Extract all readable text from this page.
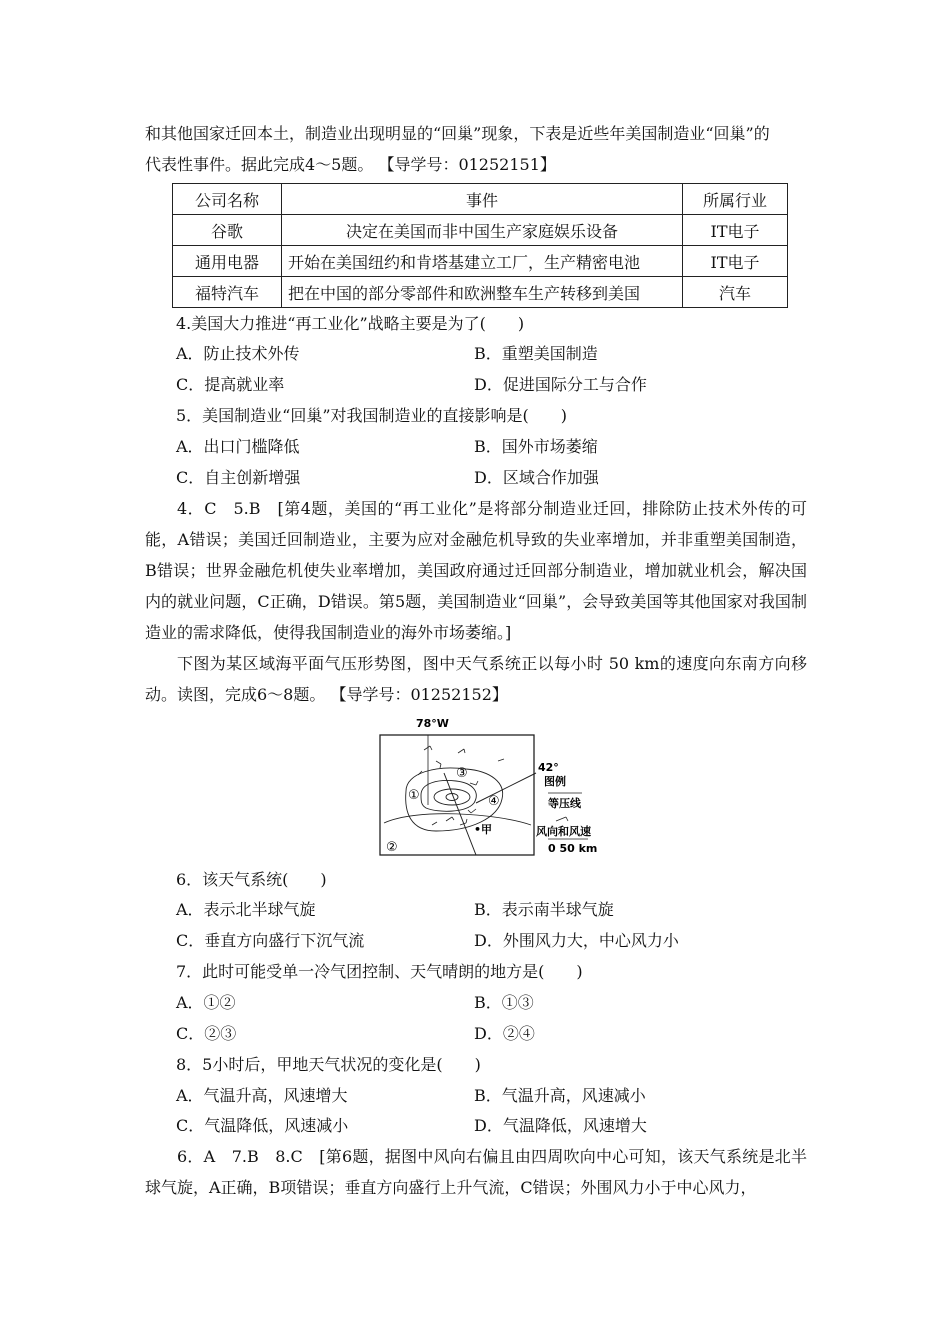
和其他国家迁回本土，制造业出现明显的“回巢”现象，下表是近些年美国制造业“回巢”的
代表性事件。据此完成4～5题。 【导学号：01252151】

公司名称	事件	所属行业
谷歌	决定在美国而非中国生产家庭娱乐设备	IT电子
通用电器	开始在美国纽约和肯塔基建立工厂，生产精密电池	IT电子
福特汽车	把在中国的部分零部件和欧洲整车生产转移到美国	汽车
4.美国大力推进“再工业化”战略主要是为了(　　)
A．防止技术外传	B．重塑美国制造
C．提高就业率	D．促进国际分工与合作
5．美国制造业“回巢”对我国制造业的直接影响是(　　)
A．出口门槛降低	B．国外市场萎缩
C．自主创新增强	D．区域合作加强

4．C　5.B　[第4题，美国的“再工业化”是将部分制造业迁回，排除防止技术外传的可能，A错误；美国迁回制造业，主要为应对金融危机导致的失业率增加，并非重塑美国制造，B错误；世界金融危机使失业率增加，美国政府通过迁回部分制造业，增加就业机会，解决国内的就业问题，C正确，D错误。第5题，美国制造业“回巢”，会导致美国等其他国家对我国制造业的需求降低，使得我国制造业的海外市场萎缩。]

下图为某区域海平面气压形势图，图中天气系统正以每小时 50 km的速度向东南方向移动。读图，完成6～8题。 【导学号：01252152】

78°W
①
②
③
④
•甲
42°
图例
等压线
风向和风速
0 50 km
6．该天气系统(　　)
A．表示北半球气旋	B．表示南半球气旋
C．垂直方向盛行下沉气流	D．外围风力大，中心风力小
7．此时可能受单一冷气团控制、天气晴朗的地方是(　　)
A．①②	B．①③
C．②③	D．②④
8．5小时后，甲地天气状况的变化是(　　)
A．气温升高，风速增大	B．气温升高，风速减小
C．气温降低，风速减小	D．气温降低，风速增大

6．A　7.B　8.C　[第6题，据图中风向右偏且由四周吹向中心可知，该天气系统是北半球气旋，A正确，B项错误；垂直方向盛行上升气流，C错误；外围风力小于中心风力，
